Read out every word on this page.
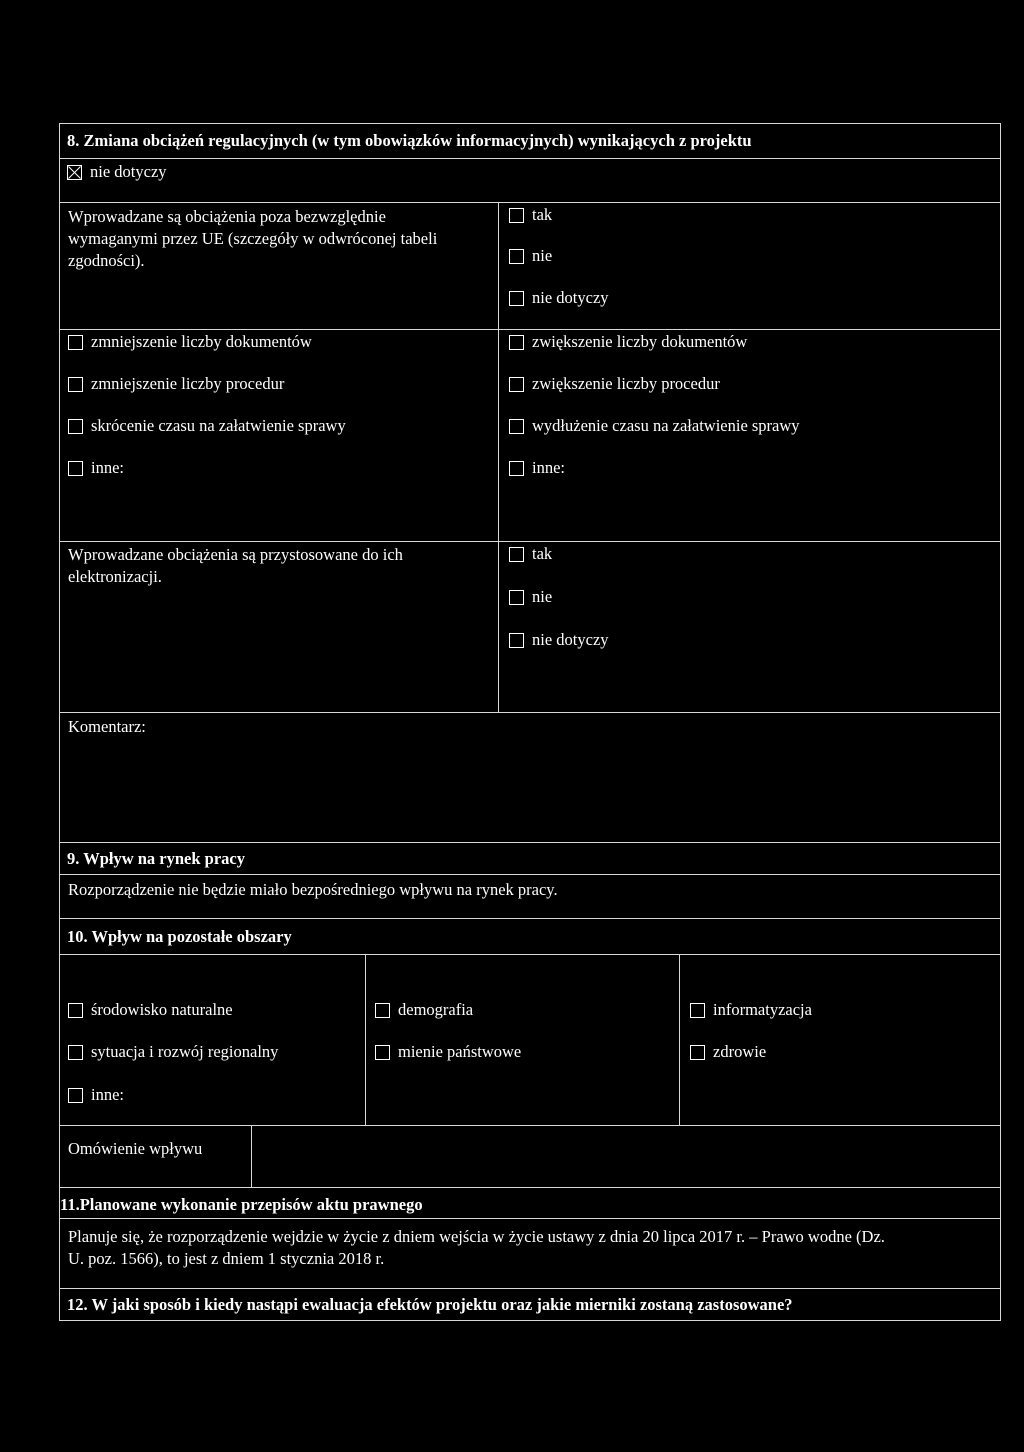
8. Zmiana obciążeń regulacyjnych (w tym obowiązków informacyjnych) wynikających z projektu
nie dotyczy
Wprowadzane są obciążenia poza bezwzględnie
wymaganymi przez UE (szczegóły w odwróconej tabeli
zgodności).
tak
nie
nie dotyczy
zmniejszenie liczby dokumentów
zmniejszenie liczby procedur
skrócenie czasu na załatwienie sprawy
inne:
zwiększenie liczby dokumentów
zwiększenie liczby procedur
wydłużenie czasu na załatwienie sprawy
inne:
Wprowadzane obciążenia są przystosowane do ich
elektronizacji.
tak
nie
nie dotyczy
Komentarz:
9. Wpływ na rynek pracy
Rozporządzenie nie będzie miało bezpośredniego wpływu na rynek pracy.
10. Wpływ na pozostałe obszary
środowisko naturalne
sytuacja i rozwój regionalny
inne:
demografia
mienie państwowe
informatyzacja
zdrowie
Omówienie wpływu
11.Planowane wykonanie przepisów aktu prawnego
Planuje się, że rozporządzenie wejdzie w życie z dniem wejścia w życie ustawy z dnia 20 lipca 2017 r. – Prawo wodne (Dz.
U. poz. 1566), to jest z dniem 1 stycznia 2018 r.
12. W jaki sposób i kiedy nastąpi ewaluacja efektów projektu oraz jakie mierniki zostaną zastosowane?
